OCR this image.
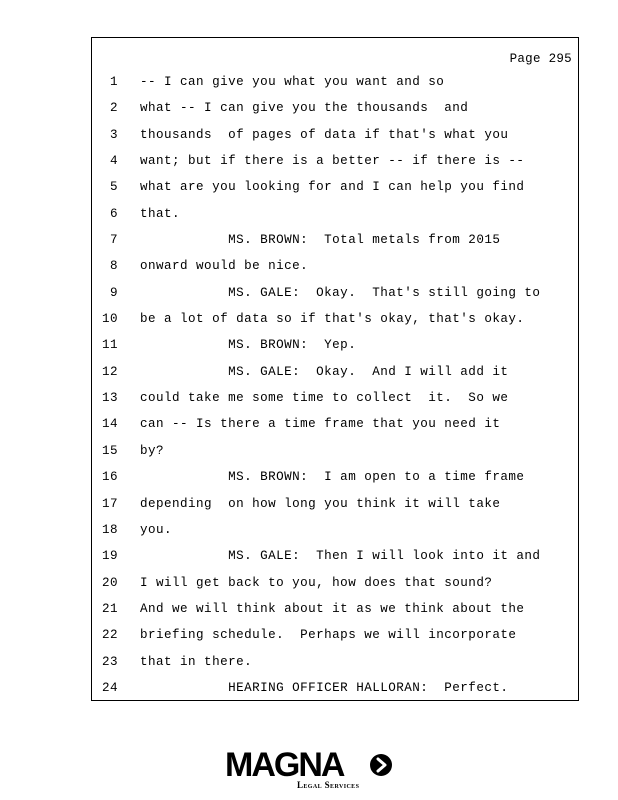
Page 295
1 -- I can give you what you want and so
2 what -- I can give you the thousands  and
3 thousands  of pages of data if that's what you
4 want; but if there is a better -- if there is --
5 what are you looking for and I can help you find
6 that.
7 MS. BROWN:  Total metals from 2015
8 onward would be nice.
9 MS. GALE:  Okay.  That's still going to
10 be a lot of data so if that's okay, that's okay.
11 MS. BROWN:  Yep.
12 MS. GALE:  Okay.  And I will add it
13 could take me some time to collect  it.  So we
14 can -- Is there a time frame that you need it
15 by?
16 MS. BROWN:  I am open to a time frame
17 depending  on how long you think it will take
18 you.
19 MS. GALE:  Then I will look into it and
20 I will get back to you, how does that sound?
21 And we will think about it as we think about the
22 briefing schedule.  Perhaps we will incorporate
23 that in there.
24 HEARING OFFICER HALLORAN:  Perfect.
MAGNA
Legal Services
